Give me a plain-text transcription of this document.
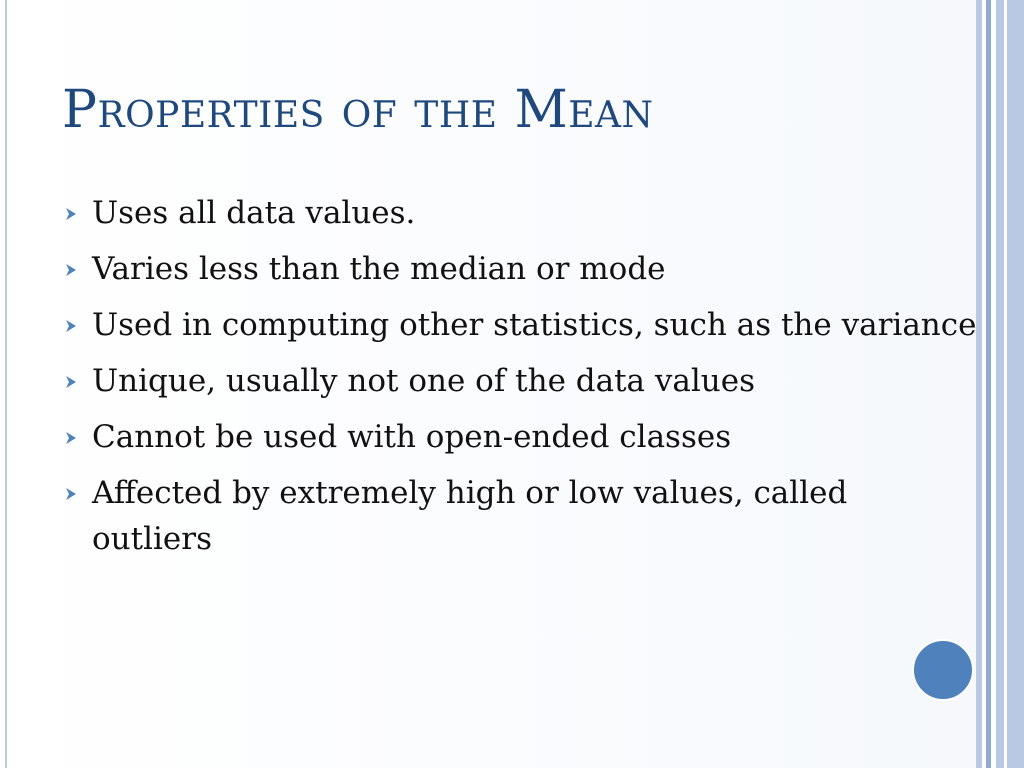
Properties of the Mean
Uses all data values.
Varies less than the median or mode
Used in computing other statistics, such as the variance
Unique, usually not one of the data values
Cannot be used with open-ended classes
Affected by extremely high or low values, called outliers
